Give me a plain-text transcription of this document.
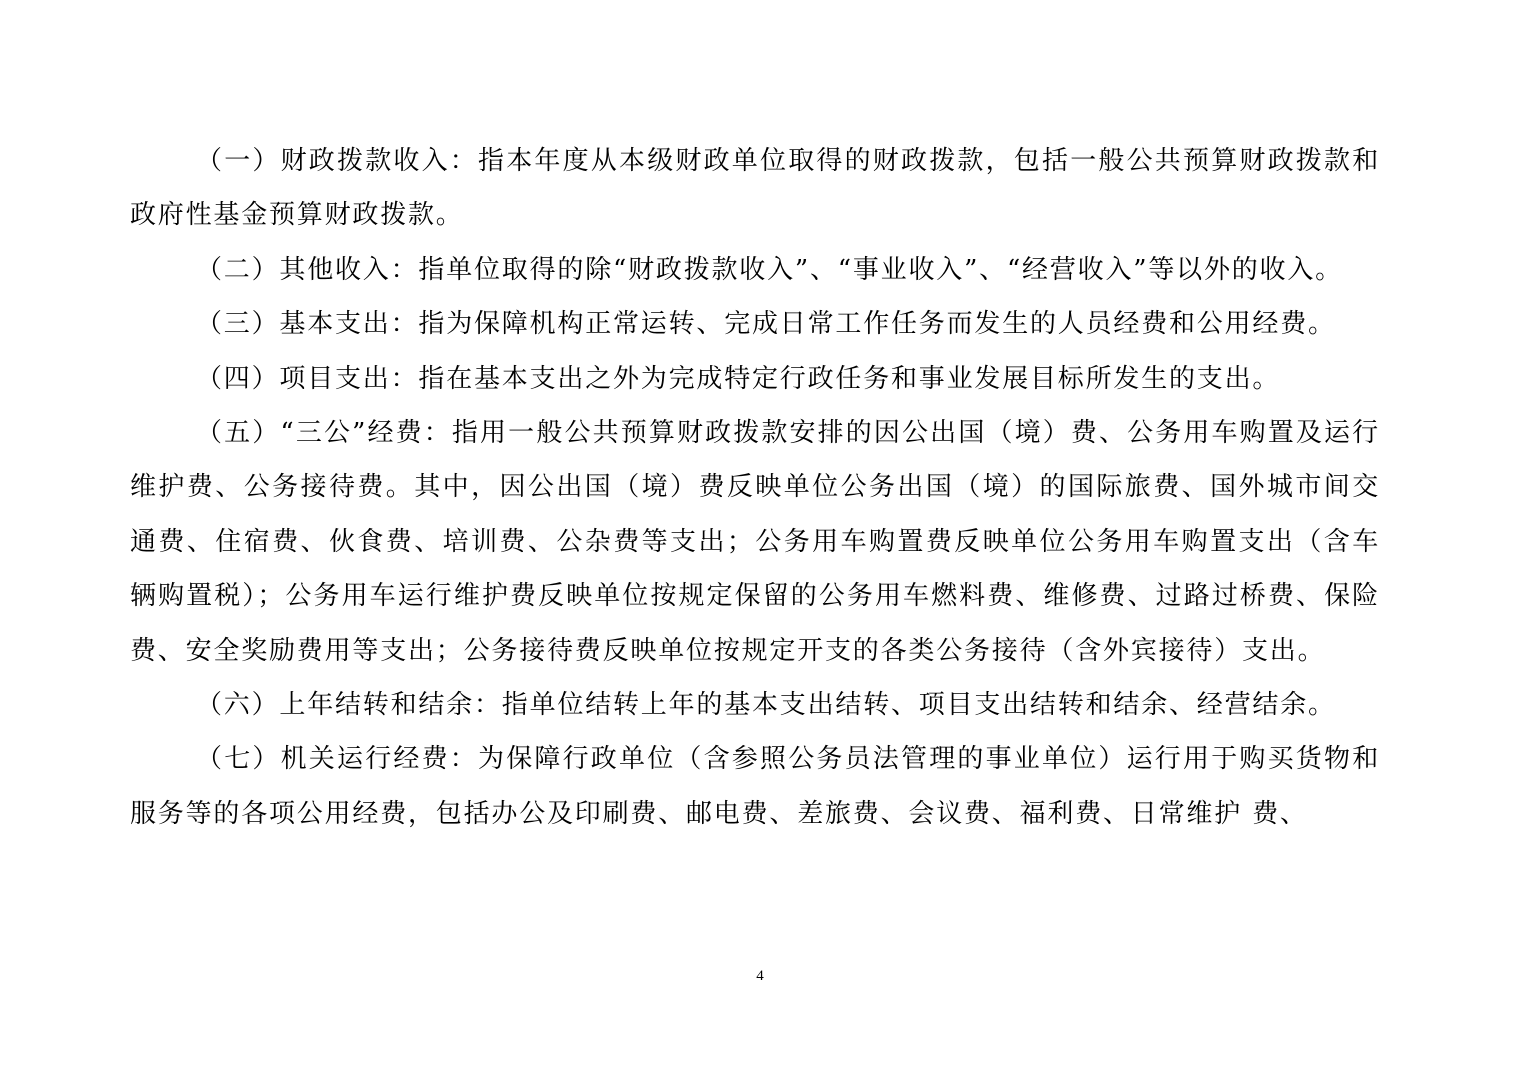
（一）财政拨款收入：指本年度从本级财政单位取得的财政拨款，包括一般公共预算财政拨款和政府性基金预算财政拨款。

（二）其他收入：指单位取得的除“财政拨款收入”、“事业收入”、“经营收入”等以外的收入。

（三）基本支出：指为保障机构正常运转、完成日常工作任务而发生的人员经费和公用经费。

（四）项目支出：指在基本支出之外为完成特定行政任务和事业发展目标所发生的支出。

（五）“三公”经费：指用一般公共预算财政拨款安排的因公出国（境）费、公务用车购置及运行维护费、公务接待费。其中，因公出国（境）费反映单位公务出国（境）的国际旅费、国外城市间交通费、住宿费、伙食费、培训费、公杂费等支出；公务用车购置费反映单位公务用车购置支出（含车辆购置税）；公务用车运行维护费反映单位按规定保留的公务用车燃料费、维修费、过路过桥费、保险费、安全奖励费用等支出；公务接待费反映单位按规定开支的各类公务接待（含外宾接待）支出。

（六）上年结转和结余：指单位结转上年的基本支出结转、项目支出结转和结余、经营结余。

（七）机关运行经费：为保障行政单位（含参照公务员法管理的事业单位）运行用于购买货物和服务等的各项公用经费，包括办公及印刷费、邮电费、差旅费、会议费、福利费、日常维护 费、

4
